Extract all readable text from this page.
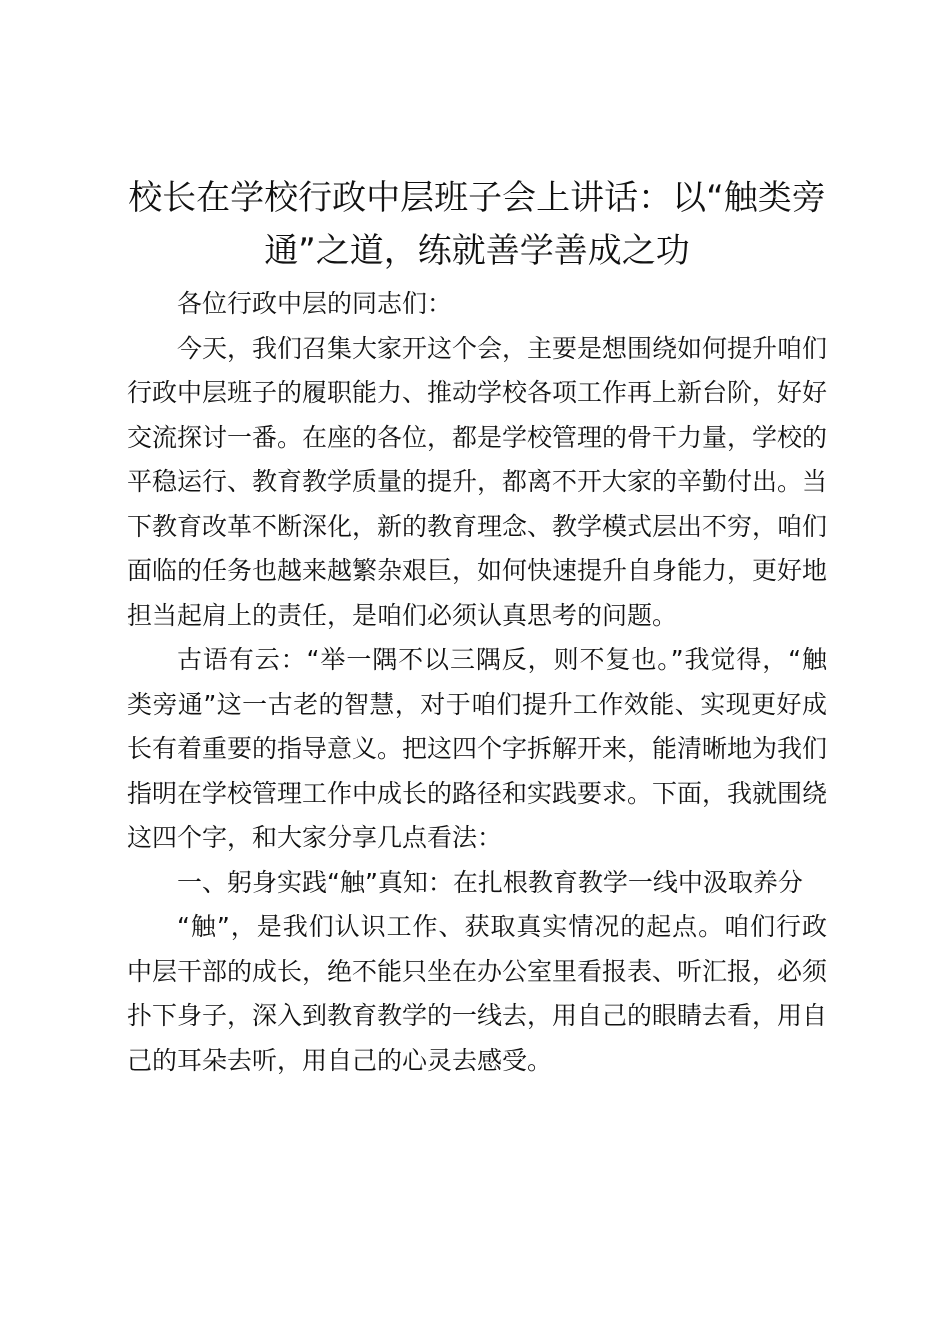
校长在学校行政中层班子会上讲话：以“触类旁通”之道，练就善学善成之功

各位行政中层的同志们：

今天，我们召集大家开这个会，主要是想围绕如何提升咱们行政中层班子的履职能力、推动学校各项工作再上新台阶，好好交流探讨一番。在座的各位，都是学校管理的骨干力量，学校的平稳运行、教育教学质量的提升，都离不开大家的辛勤付出。当下教育改革不断深化，新的教育理念、教学模式层出不穷，咱们面临的任务也越来越繁杂艰巨，如何快速提升自身能力，更好地担当起肩上的责任，是咱们必须认真思考的问题。

古语有云：“举一隅不以三隅反，则不复也。”我觉得，“触类旁通”这一古老的智慧，对于咱们提升工作效能、实现更好成长有着重要的指导意义。把这四个字拆解开来，能清晰地为我们指明在学校管理工作中成长的路径和实践要求。下面，我就围绕这四个字，和大家分享几点看法：

一、躬身实践“触”真知：在扎根教育教学一线中汲取养分

“触”，是我们认识工作、获取真实情况的起点。咱们行政中层干部的成长，绝不能只坐在办公室里看报表、听汇报，必须扑下身子，深入到教育教学的一线去，用自己的眼睛去看，用自己的耳朵去听，用自己的心灵去感受。
